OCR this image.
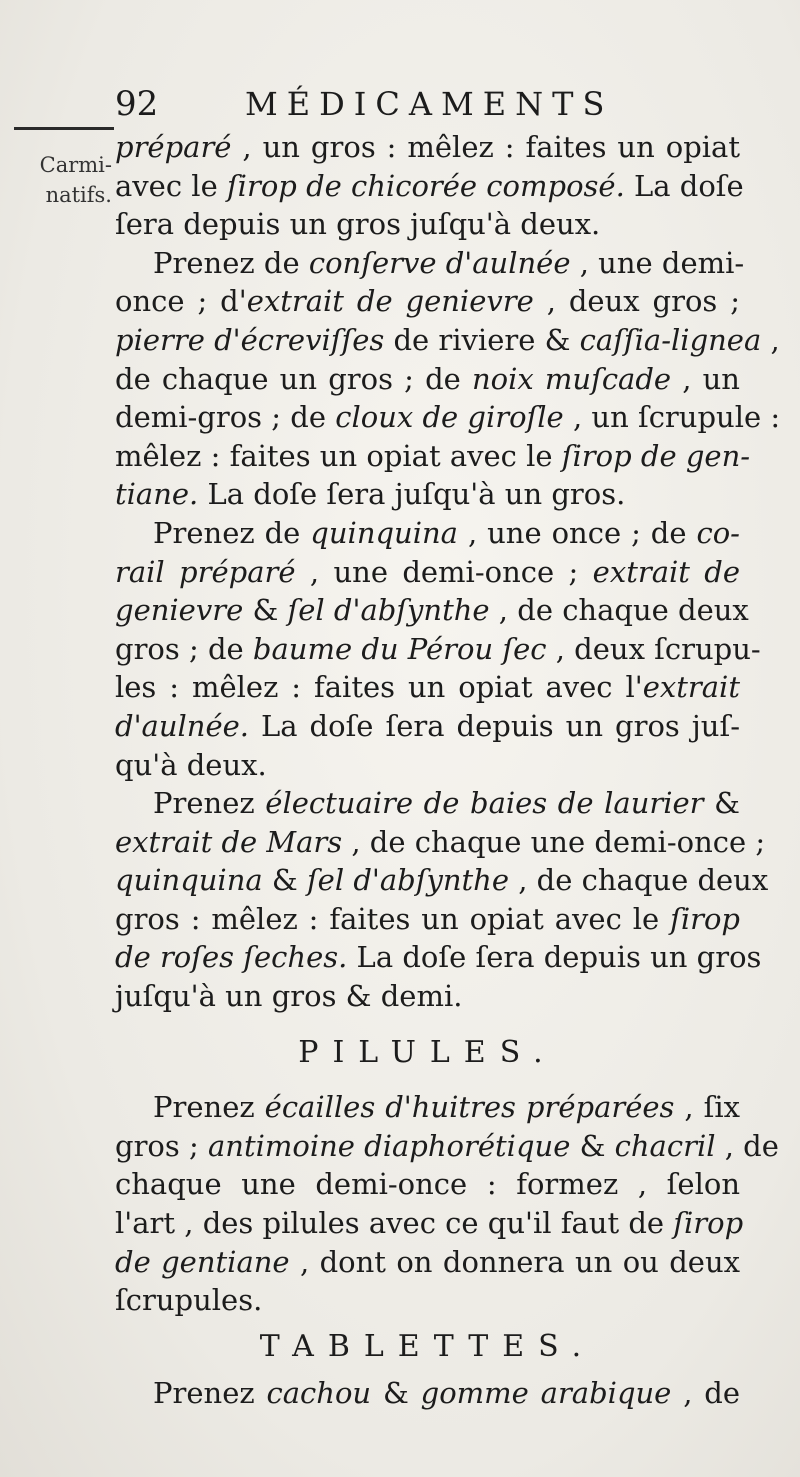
92	MÉDICAMENTS
Carmi-
natifs.
préparé , un gros : mêlez : faites un opiat
avec le ſirop de chicorée composé. La doſe
ſera depuis un gros juſqu'à deux.
Prenez de conſerve d'aulnée , une demi-
once ; d'extrait de genievre , deux gros ;
pierre d'écreviſſes de riviere & caſſia-lignea ,
de chaque un gros ; de noix muſcade , un
demi-gros ; de cloux de giroſle , un ſcrupule :
mêlez : faites un opiat avec le ſirop de gen-
tiane. La doſe ſera juſqu'à un gros.
Prenez de quinquina , une once ; de co-
rail préparé , une demi-once ; extrait de
genievre & ſel d'abſynthe , de chaque deux
gros ; de baume du Pérou ſec , deux ſcrupu-
les : mêlez : faites un opiat avec l'extrait
d'aulnée. La doſe ſera depuis un gros juſ-
qu'à deux.
Prenez électuaire de baies de laurier &
extrait de Mars , de chaque une demi-once ;
quinquina & ſel d'abſynthe , de chaque deux
gros : mêlez : faites un opiat avec le ſirop
de roſes ſeches. La doſe ſera depuis un gros
juſqu'à un gros & demi.
PILULES.
Prenez écailles d'huitres préparées , ſix
gros ; antimoine diaphorétique & chacril , de
chaque une demi-once : formez , ſelon
l'art , des pilules avec ce qu'il faut de ſirop
de gentiane , dont on donnera un ou deux
ſcrupules.
TABLETTES.
Prenez cachou & gomme arabique , de
